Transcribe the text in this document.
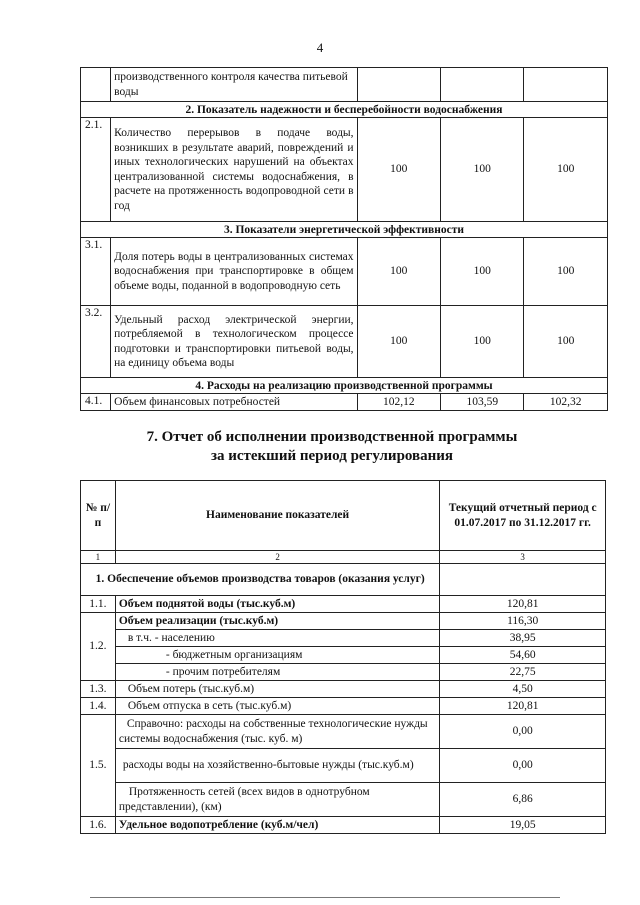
4
	производственного контроля качества питьевой воды			
2. Показатель надежности и бесперебойности водоснабжения				
2.1.	Количество перерывов в подаче воды, возникших в результате аварий, повреждений и иных технологических нарушений на объектах централизованной системы водоснабжения, в расчете на протяженность водопроводной сети в год	100	100	100
3. Показатели энергетической эффективности				
3.1.	Доля потерь воды в централизованных системах водоснабжения при транспортировке в общем объеме воды, поданной в водопроводную сеть	100	100	100
3.2.	Удельный расход электрической энергии, потребляемой в технологическом процессе подготовки и транспортировки питьевой воды, на единицу объема воды	100	100	100
4. Расходы на реализацию производственной программы				
4.1.	Объем финансовых потребностей	102,12	103,59	102,32
7. Отчет об исполнении производственной программы
за истекший период регулирования
№ п/п	Наименование показателей	Текущий отчетный период с 01.07.2017 по 31.12.2017 гг.
1	2	3
1. Обеспечение объемов производства товаров (оказания услуг)		
1.1.	Объем поднятой воды (тыс.куб.м)	120,81
1.2.	Объем реализации (тыс.куб.м)	116,30
	в т.ч. - населению	38,95
	- бюджетным организациям	54,60
	- прочим потребителям	22,75
1.3.	Объем потерь (тыс.куб.м)	4,50
1.4.	Объем отпуска в сеть (тыс.куб.м)	120,81
1.5.	Справочно: расходы на собственные технологические нужды системы водоснабжения (тыс. куб. м)	0,00
	расходы воды на хозяйственно-бытовые нужды (тыс.куб.м)	0,00
	Протяженность сетей (всех видов в однотрубном представлении), (км)	6,86
1.6.	Удельное водопотребление (куб.м/чел)	19,05
